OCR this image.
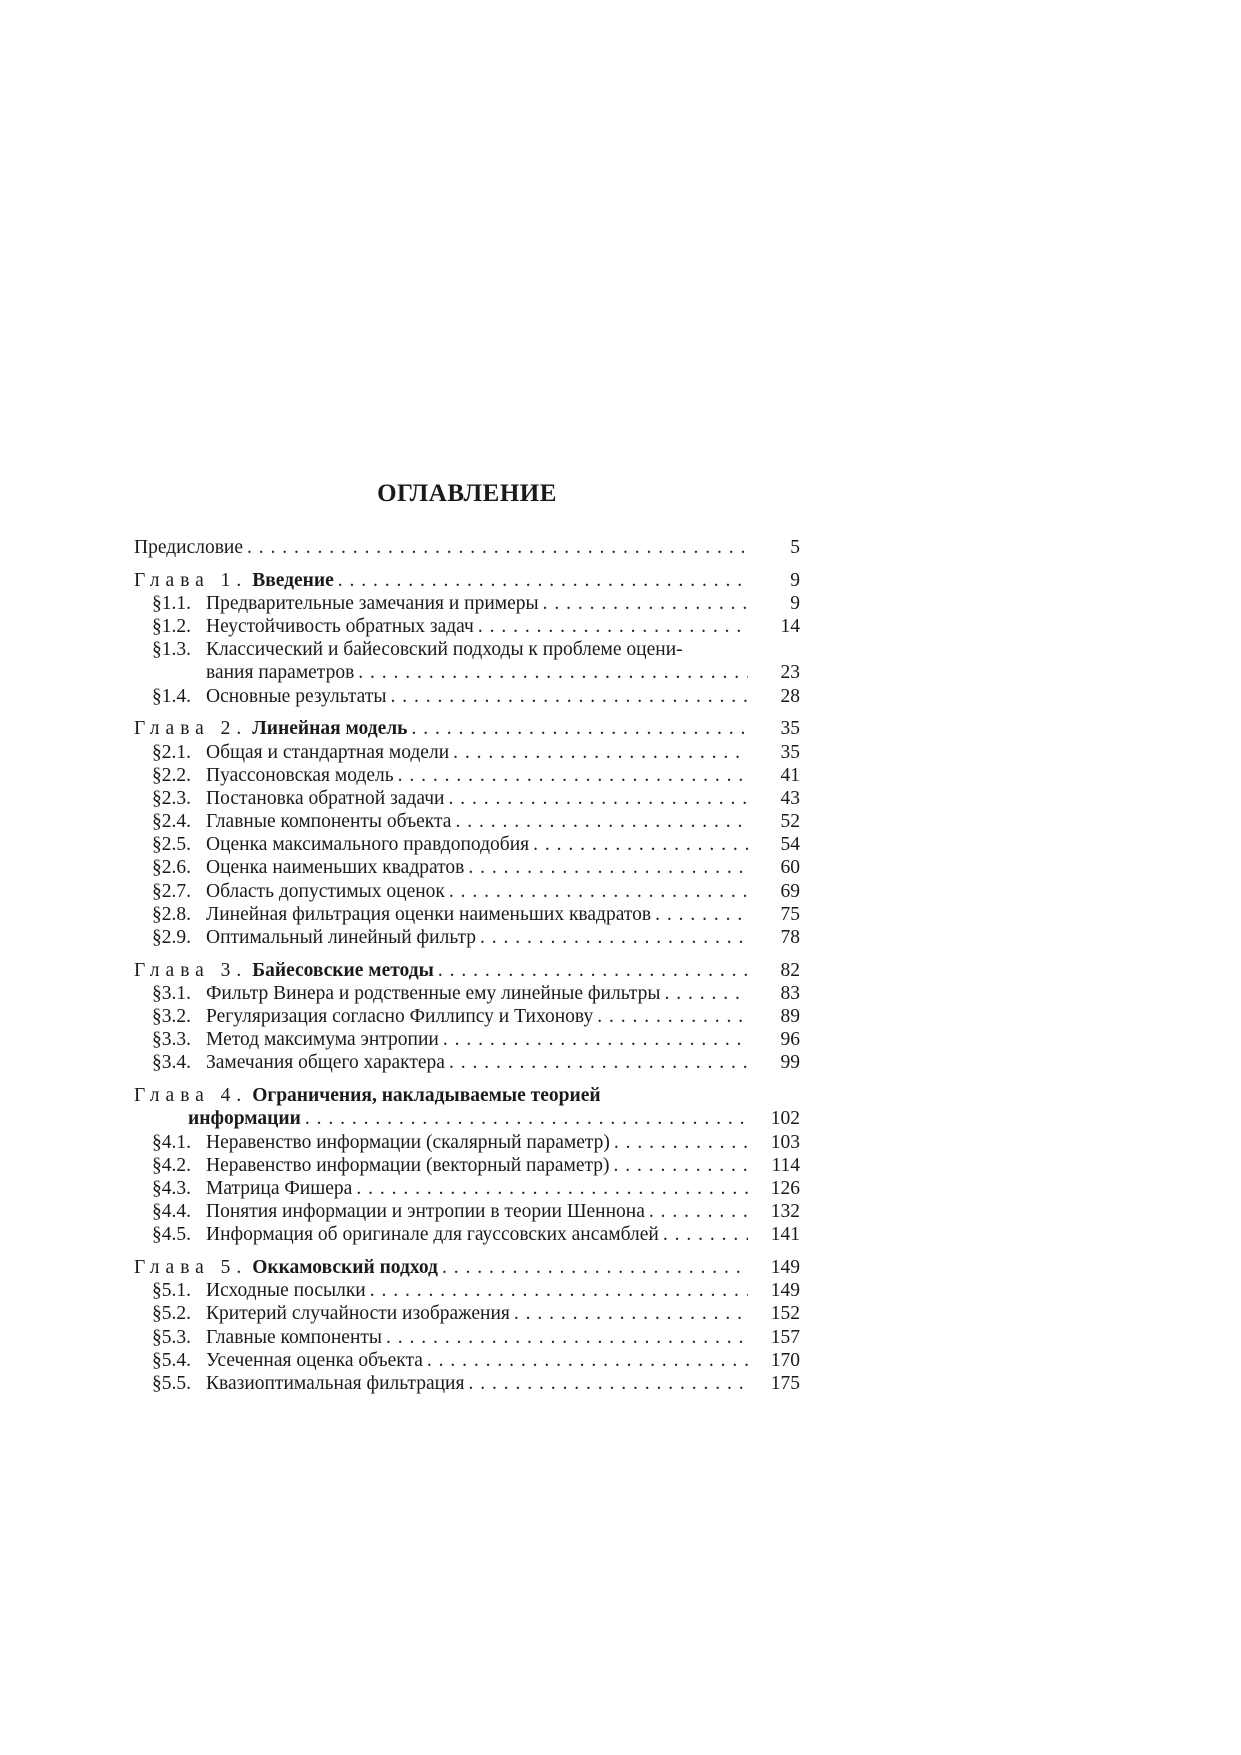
ОГЛАВЛЕНИЕ
Предисловие . . .	5
Глава 1. Введение . . .	9
§1.1. Предварительные замечания и примеры . . .	9
§1.2. Неустойчивость обратных задач . . .	14
§1.3. Классический и байесовский подходы к проблеме оцени-
вания параметров . . .	23
§1.4. Основные результаты . . .	28
Глава 2. Линейная модель . . .	35
§2.1. Общая и стандартная модели . . .	35
§2.2. Пуассоновская модель . . .	41
§2.3. Постановка обратной задачи . . .	43
§2.4. Главные компоненты объекта . . .	52
§2.5. Оценка максимального правдоподобия . . .	54
§2.6. Оценка наименьших квадратов . . .	60
§2.7. Область допустимых оценок . . .	69
§2.8. Линейная фильтрация оценки наименьших квадратов . . .	75
§2.9. Оптимальный линейный фильтр . . .	78
Глава 3. Байесовские методы . . .	82
§3.1. Фильтр Винера и родственные ему линейные фильтры . . .	83
§3.2. Регуляризация согласно Филлипсу и Тихонову . . .	89
§3.3. Метод максимума энтропии . . .	96
§3.4. Замечания общего характера . . .	99
Глава 4. Ограничения, накладываемые теорией
информации . . .	102
§4.1. Неравенство информации (скалярный параметр) . . .	103
§4.2. Неравенство информации (векторный параметр) . . .	114
§4.3. Матрица Фишера . . .	126
§4.4. Понятия информации и энтропии в теории Шеннона . . .	132
§4.5. Информация об оригинале для гауссовских ансамблей . . .	141
Глава 5. Оккамовский подход . . .	149
§5.1. Исходные посылки . . .	149
§5.2. Критерий случайности изображения . . .	152
§5.3. Главные компоненты . . .	157
§5.4. Усеченная оценка объекта . . .	170
§5.5. Квазиоптимальная фильтрация . . .	175
